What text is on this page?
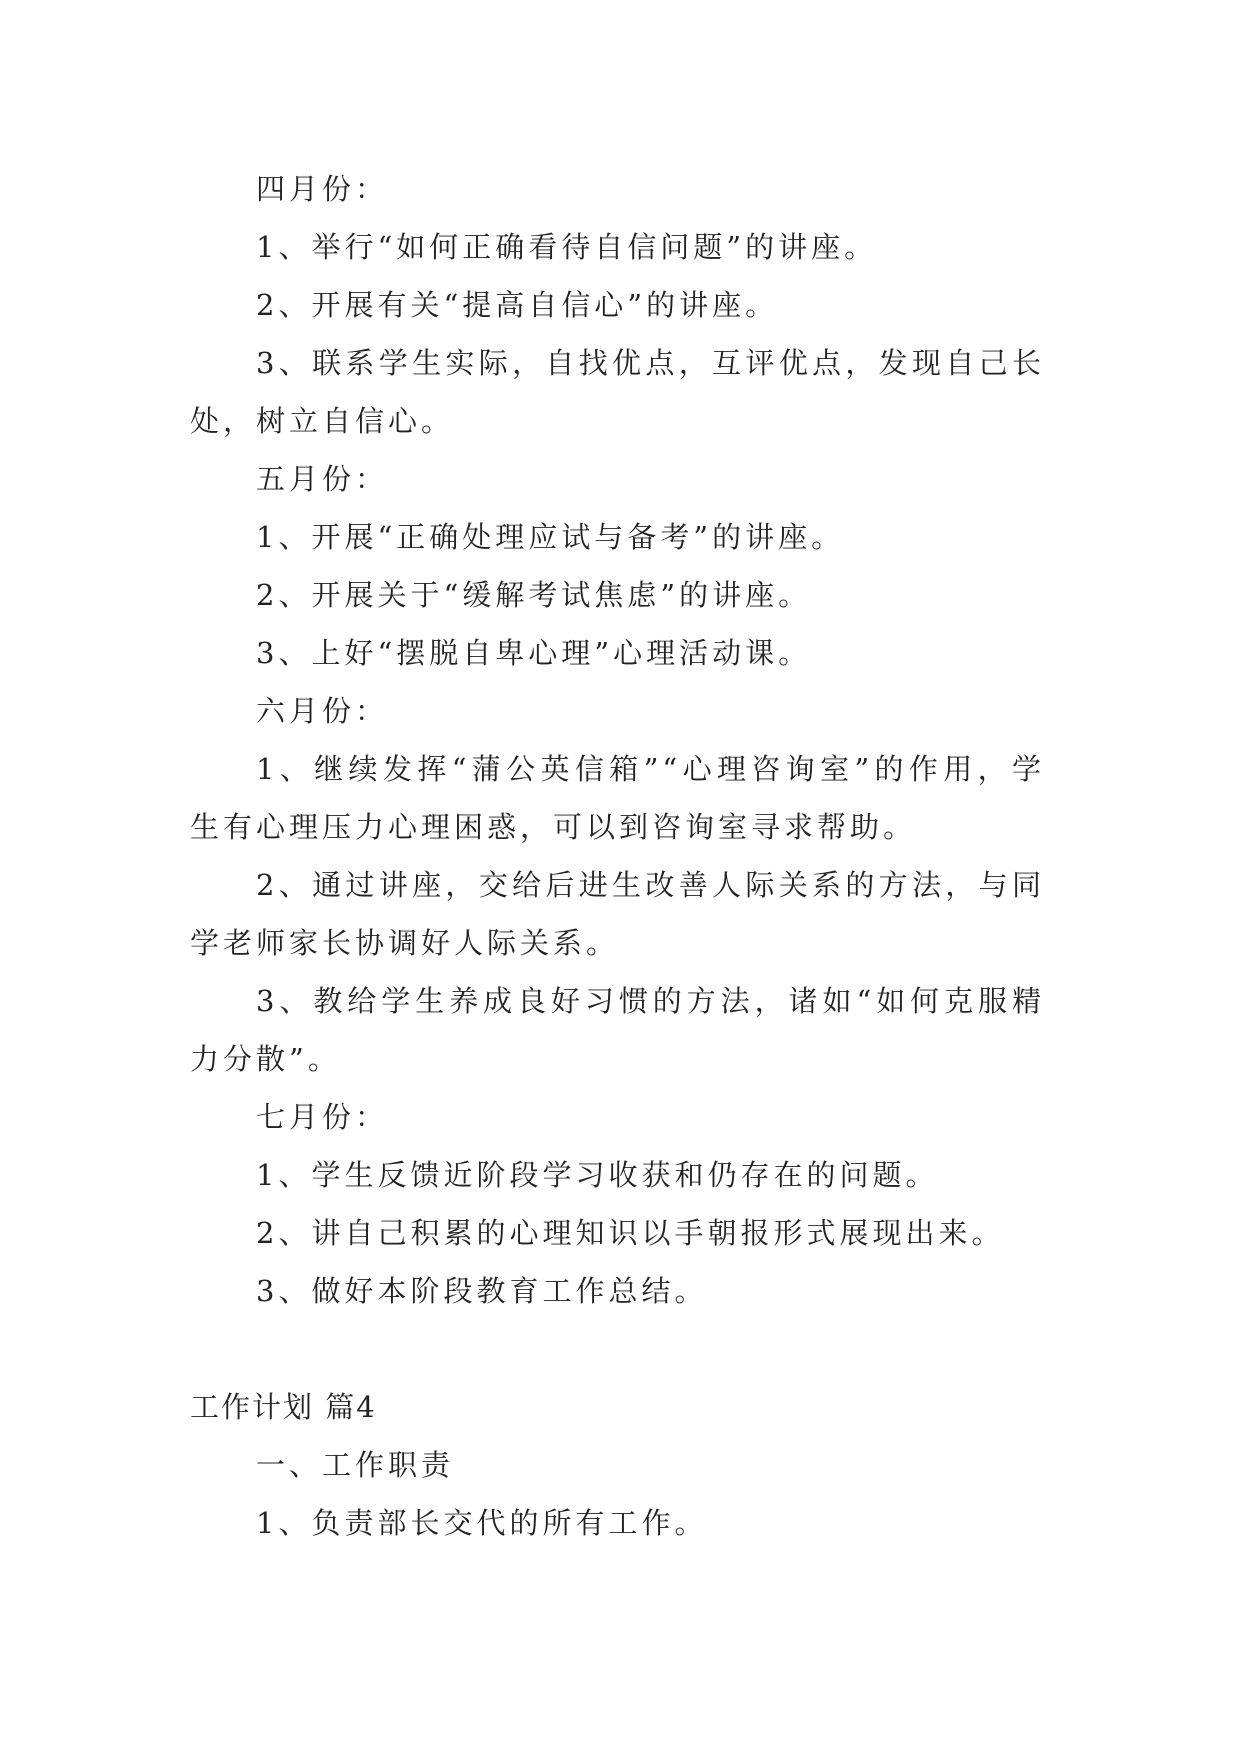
四月份：

1、举行“如何正确看待自信问题”的讲座。

2、开展有关“提高自信心”的讲座。

3、联系学生实际，自找优点，互评优点，发现自己长处，树立自信心。

五月份：

1、开展“正确处理应试与备考”的讲座。

2、开展关于“缓解考试焦虑”的讲座。

3、上好“摆脱自卑心理”心理活动课。

六月份：

1、继续发挥“蒲公英信箱”“心理咨询室”的作用，学生有心理压力心理困惑，可以到咨询室寻求帮助。

2、通过讲座，交给后进生改善人际关系的方法，与同学老师家长协调好人际关系。

3、教给学生养成良好习惯的方法，诸如“如何克服精力分散”。

七月份：

1、学生反馈近阶段学习收获和仍存在的问题。

2、讲自己积累的心理知识以手朝报形式展现出来。

3、做好本阶段教育工作总结。

工作计划 篇4

一、工作职责

1、负责部长交代的所有工作。
